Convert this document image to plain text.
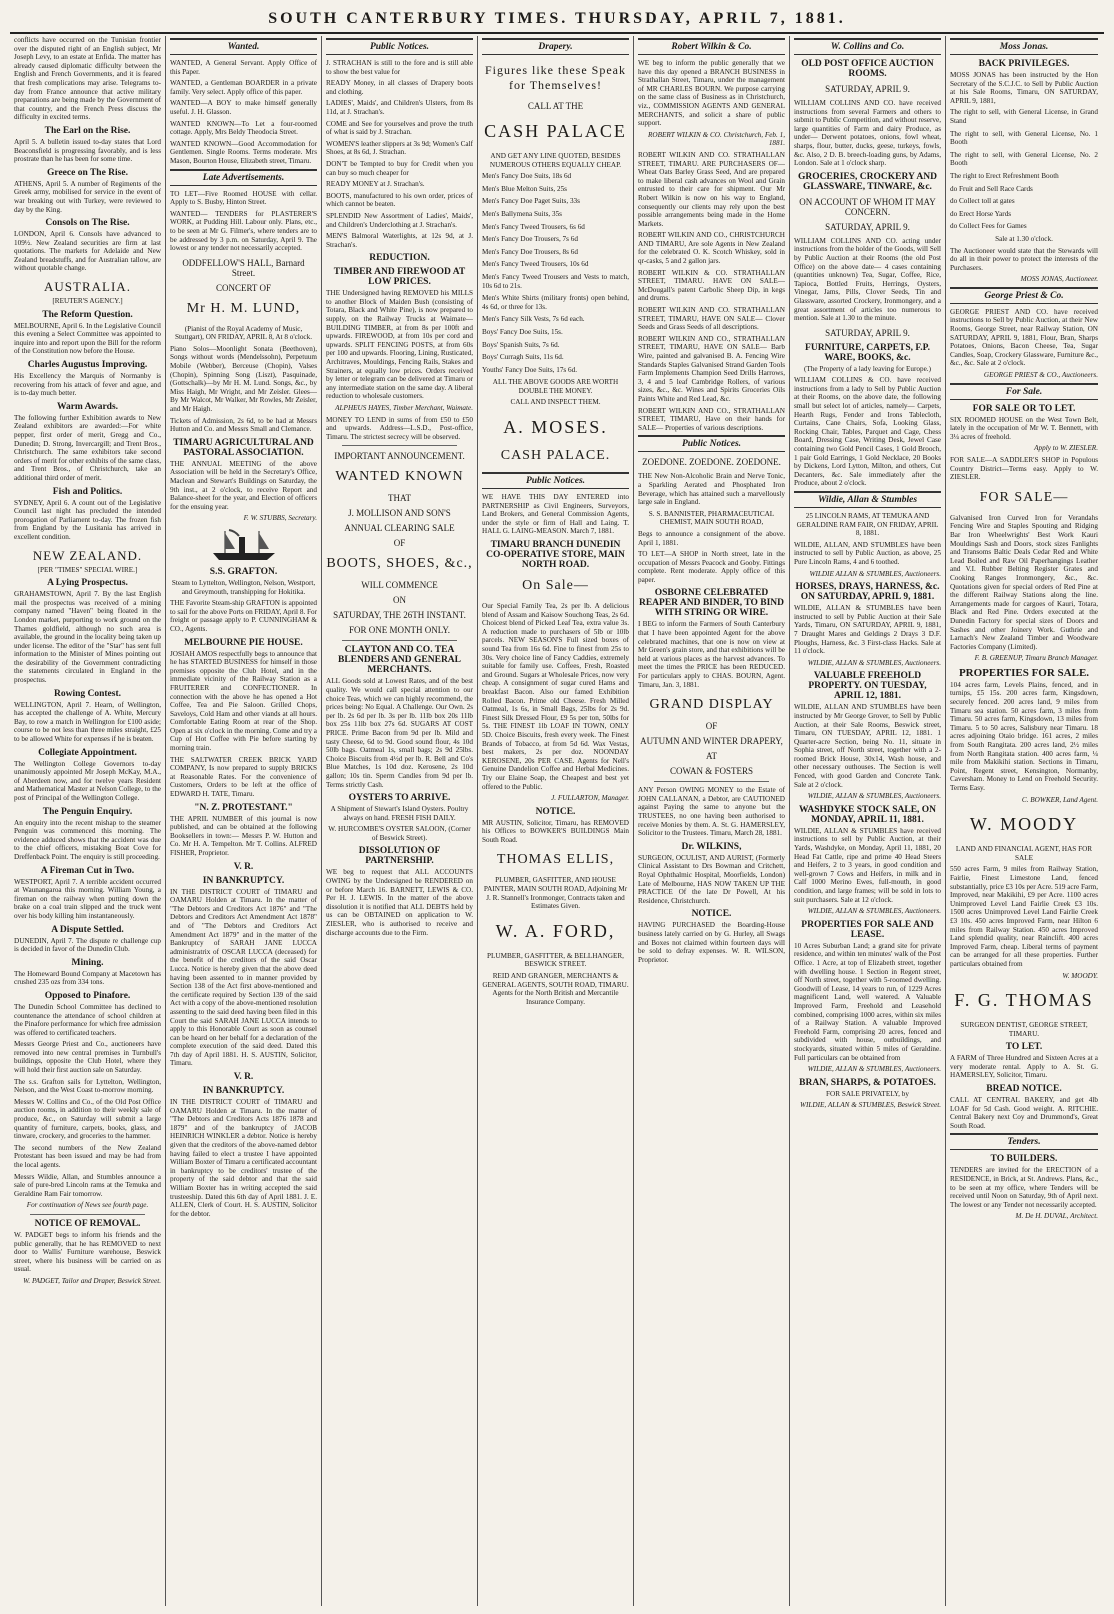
SOUTH CANTERBURY TIMES. THURSDAY, APRIL 7, 1881.

conflicts have occurred on the Tunisian frontier over the disputed right of an English subject, Mr Joseph Levy, to an estate at Enfida. The matter has already caused diplomatic difficulty between the English and French Governments, and it is feared that fresh complications may arise. Telegrams to-day from France announce that active military preparations are being made by the Government of that country, and the French Press discuss the difficulty in excited terms.

The Earl on the Rise.

April 5. A bulletin issued to-day states that Lord Beaconsfield is progressing favorably, and is less prostrate than he has been for some time.

Greece on The Rise.

ATHENS, April 5. A number of Regiments of the Greek army, mobilised for service in the event of war breaking out with Turkey, were reviewed to day by the King.

Consols on The Rise.

LONDON, April 6. Consols have advanced to 109½. New Zealand securities are firm at last quotations. The markets for Adelaide and New Zealand breadstuffs, and for Australian tallow, are without quotable change.

AUSTRALIA.

[REUTER'S AGENCY.]

The Reform Question.

MELBOURNE, April 6. In the Legislative Council this evening a Select Committee was appointed to inquire into and report upon the Bill for the reform of the Constitution now before the House.

Charles Augustus Improving.

His Excellency the Marquis of Normanby is recovering from his attack of fever and ague, and is to-day much better.

Warm Awards.

The following further Exhibition awards to New Zealand exhibitors are awarded:—For white pepper, first order of merit, Gregg and Co., Dunedin; D. Strong, Invercargill; and Trent Bros., Christchurch. The same exhibitors take second orders of merit for other exhibits of the same class, and Trent Bros., of Christchurch, take an additional third order of merit.

Fish and Politics.

SYDNEY, April 6. A count out of the Legislative Council last night has precluded the intended prorogation of Parliament to-day. The frozen fish from England by the Lusitania has arrived in excellent condition.

NEW ZEALAND.

[PER "TIMES" SPECIAL WIRE.]

A Lying Prospectus.

GRAHAMSTOWN, April 7. By the last English mail the prospectus was received of a mining company named "Haven" being floated in the London market, purporting to work ground on the Thames goldfield, although no such area is available, the ground in the locality being taken up under license. The editor of the "Star" has sent full information to the Minister of Mines pointing out the desirability of the Government contradicting the statements circulated in England in the prospectus.

Rowing Contest.

WELLINGTON, April 7. Hearn, of Wellington, has accepted the challenge of A. White, Mercury Bay, to row a match in Wellington for £100 aside; course to be not less than three miles straight, £25 to be allowed White for expenses if he is beaten.

Collegiate Appointment.

The Wellington College Governors to-day unanimously appointed Mr Joseph McKay, M.A., of Aberdeen now, and for twelve years Resident and Mathematical Master at Nelson College, to the post of Principal of the Wellington College.

The Penguin Enquiry.

An enquiry into the recent mishap to the steamer Penguin was commenced this morning. The evidence adduced shows that the accident was due to the chief officers, mistaking Boat Cove for Dreffenback Point. The enquiry is still proceeding.

A Fireman Cut in Two.

WESTPORT, April 7. A terrible accident occurred at Waunangaroa this morning. William Young, a fireman on the railway when putting down the brake on a coal train slipped and the truck went over his body killing him instantaneously.

A Dispute Settled.

DUNEDIN, April 7. The dispute re challenge cup is decided in favor of the Dunedin Club.

Mining.

The Homeward Bound Company at Macetown has crushed 235 ozs from 334 tons.

Opposed to Pinafore.

The Dunedin School Committee has declined to countenance the attendance of school children at the Pinafore performance for which free admission was offered to certificated teachers.

Messrs George Priest and Co., auctioneers have removed into new central premises in Turnbull's buildings, opposite the Club Hotel, where they will hold their first auction sale on Saturday.

The s.s. Grafton sails for Lyttelton, Wellington, Nelson, and the West Coast to-morrow morning.

Messrs W. Collins and Co., of the Old Post Office auction rooms, in addition to their weekly sale of produce, &c., on Saturday will submit a large quantity of furniture, carpets, books, glass, and tinware, crockery, and groceries to the hammer.

The second numbers of the New Zealand Protestant has been issued and may be had from the local agents.

Messrs Wildie, Allan, and Stumbles announce a sale of pure-bred Lincoln rams at the Temuka and Geraldine Ram Fair tomorrow.

For continuation of News see fourth page.

NOTICE OF REMOVAL.

W. PADGET begs to inform his friends and the public generally, that he has REMOVED to next door to Wallis' Furniture warehouse, Beswick street, where his business will be carried on as usual.

W. PADGET, Tailor and Draper, Beswick Street.

Wanted.

WANTED, A General Servant. Apply Office of this Paper.

WANTED, a Gentleman BOARDER in a private family. Very select. Apply office of this paper.

WANTED—A BOY to make himself generally useful. J. H. Glasson.

WANTED KNOWN—To Let a four-roomed cottage. Apply, Mrs Beldy Theodocia Street.

WANTED KNOWN—Good Accommodation for Gentlemen. Single Rooms. Terms moderate. Mrs Mason, Bourton House, Elizabeth street, Timaru.

Late Advertisements.

TO LET—Five Roomed HOUSE with cellar. Apply to S. Busby, Hinton Street.

WANTED— TENDERS for PLASTERER'S WORK, at Pudding Hill. Labour only. Plans, etc., to be seen at Mr G. Filmer's, where tenders are to be addressed by 3 p.m. on Saturday, April 9. The lowest or any tender not necessarily accepted.

ODDFELLOW'S HALL, Barnard Street.
CONCERT OF
Mr H. M. LUND,

(Pianist of the Royal Academy of Music, Stuttgart), ON FRIDAY, APRIL 8, At 8 o'clock.

Piano Solos—Moonlight Sonata (Beethoven), Songs without words (Mendelssohn), Perpetuum Mobile (Webber), Berceuse (Chopin), Valses (Chopin), Spinning Song (Liszt), Pasquinade, (Gottschalk)—by Mr H. M. Lund. Songs, &c., by Miss Haigh, Mr Wright, and Mr Zeisler. Glees—By Mr Walcot, Mr Walker, Mr Rowles, Mr Zeisler, and Mr Haigh.

Tickets of Admission, 2s 6d, to be had at Messrs Hutton and Co. and Messrs Small and Clemance.

TIMARU AGRICULTURAL AND PASTORAL ASSOCIATION.

THE ANNUAL MEETING of the above Association will be held in the Secretary's Office, Maclean and Stewart's Buildings on Saturday, the 9th inst., at 2 o'clock, to receive Report and Balance-sheet for the year, and Election of officers for the ensuing year.

F. W. STUBBS, Secretary.

S.S. GRAFTON.

Steam to Lyttelton, Wellington, Nelson, Westport, and Greymouth, transhipping for Hokitika.

THE Favorite Steam-ship GRAFTON is appointed to sail for the above Ports on FRIDAY, April 8. For freight or passage apply to P. CUNNINGHAM & CO., Agents.

MELBOURNE PIE HOUSE.

JOSIAH AMOS respectfully begs to announce that he has STARTED BUSINESS for himself in those premises opposite the Club Hotel, and in the immediate vicinity of the Railway Station as a FRUITERER and CONFECTIONER. In connection with the above he has opened a Hot Coffee, Tea and Pie Saloon. Grilled Chops, Saveloys, Cold Ham and other viands at all hours. Comfortable Eating Room at rear of the Shop. Open at six o'clock in the morning. Come and try a Cup of Hot Coffee with Pie before starting by morning train.

THE SALTWATER CREEK BRICK YARD COMPANY, Is now prepared to supply BRICKS at Reasonable Rates. For the convenience of Customers, Orders to be left at the office of EDWARD H. TATE, Timaru.

"N. Z. PROTESTANT."

THE APRIL NUMBER of this journal is now published, and can be obtained at the following Booksellers in town:— Messrs P. W. Hutton and Co. Mr H. A. Tempelton. Mr T. Collins. ALFRED FISHER, Proprietor.

V. R.
IN BANKRUPTCY.

IN THE DISTRICT COURT of TIMARU and OAMARU Holden at Timaru. In the matter of "The Debtors and Creditors Act 1876" and "The Debtors and Creditors Act Amendment Act 1878" and of "The Debtors and Creditors Act Amendment Act 1879" and in the matter of the Bankruptcy of SARAH JANE LUCCA administratrix of OSCAR LUCCA (deceased) for the benefit of the creditors of the said Oscar Lucca. Notice is hereby given that the above deed having been assented to in manner provided by Section 138 of the Act first above-mentioned and the certificate required by Section 139 of the said Act with a copy of the above-mentioned resolution assenting to the said deed having been filed in this Court the said SARAH JANE LUCCA intends to apply to this Honorable Court as soon as counsel can be heard on her behalf for a declaration of the complete execution of the said deed. Dated this 7th day of April 1881. H. S. AUSTIN, Solicitor, Timaru.

V. R.
IN BANKRUPTCY.

IN THE DISTRICT COURT of TIMARU and OAMARU Holden at Timaru. In the matter of "The Debtors and Creditors Acts 1876 1878 and 1879" and of the bankruptcy of JACOB HEINRICH WINKLER a debtor. Notice is hereby given that the creditors of the above-named debtor having failed to elect a trustee I have appointed William Boxter of Timaru a certificated accountant in bankruptcy to be creditors' trustee of the property of the said debtor and that the said William Boxter has in writing accepted the said trusteeship. Dated this 6th day of April 1881. J. E. ALLEN, Clerk of Court. H. S. AUSTIN, Solicitor for the debtor.

Public Notices.

J. STRACHAN is still to the fore and is still able to show the best value for

READY Money, in all classes of Drapery boots and clothing.

LADIES', Maids', and Children's Ulsters, from 8s 11d, at J. Strachan's.

COME and See for yourselves and prove the truth of what is said by J. Strachan.

WOMEN'S leather slippers at 3s 9d; Women's Calf Shoes, at 8s 6d, J. Strachan.

DON'T be Tempted to buy for Credit when you can buy so much cheaper for

READY MONEY at J. Strachan's.

BOOTS, manufactured to his own order, prices of which cannot be beaten.

SPLENDID New Assortment of Ladies', Maids', and Children's Underclothing at J. Strachan's.

MEN'S Balmoral Waterlights, at 12s 9d, at J. Strachan's.

REDUCTION.
TIMBER AND FIREWOOD AT LOW PRICES.

THE Undersigned having REMOVED his MILLS to another Block of Maiden Bush (consisting of Totara, Black and White Pine), is now prepared to supply, on the Railway Trucks at Waimate— BUILDING TIMBER, at from 8s per 100ft and upwards. FIREWOOD, at from 10s per cord and upwards. SPLIT FENCING POSTS, at from 60s per 100 and upwards. Flooring, Lining, Rusticated, Architraves, Mouldings, Fencing Rails, Stakes and Strainers, at equally low prices. Orders received by letter or telegram can be delivered at Timaru or any intermediate station on the same day. A liberal reduction to wholesale customers.

ALPHEUS HAYES, Timber Merchant, Waimate.

MONEY TO LEND in sums of from £50 to £50 and upwards. Address—L.S.D., Post-office, Timaru. The strictest secrecy will be observed.

IMPORTANT ANNOUNCEMENT.
WANTED KNOWN
THAT
J. MOLLISON AND SON'S
ANNUAL CLEARING SALE
OF
BOOTS, SHOES, &c.,
WILL COMMENCE
ON
SATURDAY, THE 26TH INSTANT.
FOR ONE MONTH ONLY.
CLAYTON AND CO. TEA BLENDERS AND GENERAL MERCHANTS.

ALL Goods sold at Lowest Rates, and of the best quality. We would call special attention to our choice Teas, which we can highly recommend, the prices being: No Equal. A Challenge. Our Own. 2s per lb. 2s 6d per lb. 3s per lb. 11lb box 20s 11lb box 25s 11lb box 27s 6d. SUGARS AT COST PRICE. Prime Bacon from 9d per lb. Mild and tasty Cheese, 6d to 9d. Good sound flour, 4s 10d 50lb bags. Oatmeal 1s, small bags; 2s 9d 25lbs. Choice Biscuits from 4½d per lb. R. Bell and Co's Blue Matches, 1s 10d doz. Kerosene, 2s 10d gallon; 10s tin. Sperm Candles from 9d per lb. Terms strictly Cash.

OYSTERS TO ARRIVE.

A Shipment of Stewart's Island Oysters. Poultry always on hand. FRESH FISH DAILY.

W. HURCOMBE'S OYSTER SALOON, (Corner of Beswick Street).

DISSOLUTION OF PARTNERSHIP.

WE beg to request that ALL ACCOUNTS OWING by the Undersigned be RENDERED on or before March 16. BARNETT, LEWIS & CO. Per H. J. LEWIS. In the matter of the above dissolution it is notified that ALL DEBTS held by us can be OBTAINED on application to W. ZIESLER, who is authorised to receive and discharge accounts due to the Firm.

Drapery.
Figures like these Speak for Themselves!
CALL AT THE
CASH PALACE

AND GET ANY LINE QUOTED, BESIDES NUMEROUS OTHERS EQUALLY CHEAP.

Men's Fancy Doe Suits, 18s 6d

Men's Blue Melton Suits, 25s

Men's Fancy Doe Paget Suits, 33s

Men's Ballymena Suits, 35s

Men's Fancy Tweed Trousers, 6s 6d

Men's Fancy Doe Trousers, 7s 6d

Men's Fancy Doe Trousers, 8s 6d

Men's Fancy Tweed Trousers, 10s 6d

Men's Fancy Tweed Trousers and Vests to match, 10s 6d to 21s.

Men's White Shirts (military fronts) open behind, 4s 6d, or three for 13s.

Men's Fancy Silk Vests, 7s 6d each.

Boys' Fancy Doe Suits, 15s.

Boys' Spanish Suits, 7s 6d.

Boys' Curragh Suits, 11s 6d.

Youths' Fancy Doe Suits, 17s 6d.

ALL THE ABOVE GOODS ARE WORTH DOUBLE THE MONEY.

CALL AND INSPECT THEM.

A. MOSES.
CASH PALACE.
Public Notices.

WE HAVE THIS DAY ENTERED into PARTNERSHIP as Civil Engineers, Surveyors, Land Brokers, and General Commission Agents, under the style or firm of Hall and Laing. T. HALL G. LAING-MEASON. March 7, 1881.

TIMARU BRANCH DUNEDIN CO-OPERATIVE STORE, MAIN NORTH ROAD.
On Sale—

Our Special Family Tea, 2s per lb. A delicious blend of Assam and Kaisow Souchong Teas, 2s 6d. Choicest blend of Picked Leaf Tea, extra value 3s. A reduction made to purchasers of 5lb or 10lb parcels. NEW SEASON'S Full sized boxes of sound Tea from 16s 6d. Fine to finest from 25s to 30s. Very choice line of Fancy Caddies, extremely suitable for family use. Coffees, Fresh, Roasted and Ground. Sugars at Wholesale Prices, now very cheap. A consignment of sugar cured Hams and breakfast Bacon. Also our famed Exhibition Rolled Bacon. Prime old Cheese. Fresh Milled Oatmeal, 1s 6s, in Small Bags, 25lbs for 2s 9d. Finest Silk Dressed Flour, £9 5s per ton, 50lbs for 5s. THE FINEST 1lb LOAF IN TOWN, ONLY 5D. Choice Biscuits, fresh every week. The Finest Brands of Tobacco, at from 5d 6d. Wax Vestas, best makers, 2s per doz. NOONDAY KEROSENE, 20s PER CASE. Agents for Nell's Genuine Dandelion Coffee and Herbal Medicines. Try our Elaine Soap, the Cheapest and best yet offered to the Public.

J. FULLARTON, Manager.

NOTICE.

MR AUSTIN, Solicitor, Timaru, has REMOVED his Offices to BOWKER'S BUILDINGS Main South Road.

THOMAS ELLIS,

PLUMBER, GASFITTER, AND HOUSE PAINTER, MAIN SOUTH ROAD, Adjoining Mr J. R. Stannell's Ironmonger, Contracts taken and Estimates Given.

W. A. FORD,

PLUMBER, GASFITTER, & BELLHANGER, BESWICK STREET.

REID AND GRANGER, MERCHANTS & GENERAL AGENTS, SOUTH ROAD, TIMARU. Agents for the North British and Mercantile Insurance Company.

Robert Wilkin & Co.

WE beg to inform the public generally that we have this day opened a BRANCH BUSINESS in Strathallan Street, Timaru, under the management of MR CHARLES BOURN. We purpose carrying on the same class of Business as in Christchurch, viz., COMMISSION AGENTS AND GENERAL MERCHANTS, and solicit a share of public support.

ROBERT WILKIN & CO. Christchurch, Feb. 1, 1881.

ROBERT WILKIN AND CO. STRATHALLAN STREET, TIMARU. ARE PURCHASERS OF— Wheat Oats Barley Grass Seed, And are prepared to make liberal cash advances on Wool and Grain entrusted to their care for shipment. Our Mr Robert Wilkin is now on his way to England, consequently our clients may rely upon the best possible arrangements being made in the Home Markets.

ROBERT WILKIN AND CO., CHRISTCHURCH AND TIMARU, Are sole Agents in New Zealand for the celebrated O. K. Scotch Whiskey, sold in qr-casks, 5 and 2 gallon jars.

ROBERT WILKIN & CO. STRATHALLAN STREET, TIMARU. HAVE ON SALE— McDougall's patent Carbolic Sheep Dip, in kegs and drums.

ROBERT WILKIN AND CO. STRATHALLAN STREET, TIMARU, HAVE ON SALE— Clover Seeds and Grass Seeds of all descriptions.

ROBERT WILKIN AND CO., STRATHALLAN STREET, TIMARU, HAVE ON SALE— Barb Wire, painted and galvanised B. A. Fencing Wire Standards Staples Galvanised Strand Garden Tools Farm Implements Champion Seed Drills Harrows, 3, 4 and 5 leaf Cambridge Rollers, of various sizes, &c., &c. Wines and Spirits Groceries Oils Paints White and Red Lead, &c.

ROBERT WILKIN AND CO., STRATHALLAN STREET, TIMARU, Have on their hands for SALE— Properties of various descriptions.

Public Notices.
ZOEDONE. ZOEDONE. ZOEDONE.

THE New Non-Alcoholic Brain and Nerve Tonic, a Sparkling Aerated and Phosphated Iron Beverage, which has attained such a marvellously large sale in England.

S. S. BANNISTER, PHARMACEUTICAL CHEMIST, MAIN SOUTH ROAD,

Begs to announce a consignment of the above. April 1, 1881.

TO LET—A SHOP in North street, late in the occupation of Messrs Peacock and Gooby. Fittings complete. Rent moderate. Apply office of this paper.

OSBORNE CELEBRATED REAPER AND BINDER, TO BIND WITH STRING OR WIRE.

I BEG to inform the Farmers of South Canterbury that I have been appointed Agent for the above celebrated machines, that one is now on view at Mr Green's grain store, and that exhibitions will be held at various places as the harvest advances. To meet the times the PRICE has been REDUCED. For particulars apply to CHAS. BOURN, Agent. Timaru, Jan. 3, 1881.

GRAND DISPLAY
OF
AUTUMN AND WINTER DRAPERY,
AT
COWAN & FOSTERS

ANY Person OWING MONEY to the Estate of JOHN CALLANAN, a Debtor, are CAUTIONED against Paying the same to anyone but the TRUSTEES, no one having been authorised to receive Monies by them. A. St. G. HAMERSLEY, Solicitor to the Trustees. Timaru, March 28, 1881.

Dr. WILKINS,

SURGEON, OCULIST, AND AURIST, (Formerly Clinical Assistant to Drs Bowman and Critchett, Royal Ophthalmic Hospital, Moorfields, London) Late of Melbourne, HAS NOW TAKEN UP THE PRACTICE Of the late Dr Powell, At his Residence, Christchurch.

NOTICE.

HAVING PURCHASED the Boarding-House business lately carried on by G. Hurley, all Swags and Boxes not claimed within fourteen days will be sold to defray expenses. W. R. WILSON, Proprietor.

W. Collins and Co.
OLD POST OFFICE AUCTION ROOMS.
SATURDAY, APRIL 9.

WILLIAM COLLINS AND CO. have received instructions from several Farmers and others to submit to Public Competition, and without reserve, large quantities of Farm and dairy Produce, as under— Derwent potatoes, onions, fowl wheat, sharps, flour, butter, ducks, geese, turkeys, fowls, &c. Also, 2 D. B. breech-loading guns, by Adams, London. Sale at 1 o'clock sharp.

GROCERIES, CROCKERY AND GLASSWARE, TINWARE, &c.
ON ACCOUNT OF WHOM IT MAY CONCERN.
SATURDAY, APRIL 9.

WILLIAM COLLINS AND CO. acting under instructions from the holder of the Goods, will Sell by Public Auction at their Rooms (the old Post Office) on the above date— 4 cases containing (quantities unknown) Tea, Sugar, Coffee, Rice, Tapioca, Bottled Fruits, Herrings, Oysters, Vinegar, Jams, Pills, Clover Seeds, Tin and Glassware, assorted Crockery, Ironmongery, and a great assortment of articles too numerous to mention. Sale at 1.30 to the minute.

SATURDAY, APRIL 9.
FURNITURE, CARPETS, F.P. WARE, BOOKS, &c.

(The Property of a lady leaving for Europe.)

WILLIAM COLLINS & CO. have received instructions from a lady to Sell by Public Auction at their Rooms, on the above date, the following small but select lot of articles, namely— Carpets, Hearth Rugs, Fender and Irons Tablecloth, Curtains, Cane Chairs, Sofa, Looking Glass, Rocking Chair, Tables, Parquet and Cage, Chess Board, Dressing Case, Writing Desk, Jewel Case containing two Gold Pencil Cases, 1 Gold Brooch, 1 pair Gold Earrings, 1 Gold Necklace, 20 Books by Dickens, Lord Lytton, Milton, and others, Cut Decanters, &c. Sale immediately after the Produce, about 2 o'clock.

Wildie, Allan & Stumbles

25 LINCOLN RAMS, AT TEMUKA AND GERALDINE RAM FAIR, ON FRIDAY, APRIL 8, 1881.

WILDIE, ALLAN, AND STUMBLES have been instructed to sell by Public Auction, as above, 25 Pure Lincoln Rams, 4 and 6 toothed.

WILDIE ALLAN & STUMBLES, Auctioneers.

HORSES, DRAYS, HARNESS, &c. ON SATURDAY, APRIL 9, 1881.

WILDIE, ALLAN & STUMBLES have been instructed to sell by Public Auction at their Sale Yards, Timaru, ON SATURDAY, APRIL 9, 1881, 7 Draught Mares and Geldings 2 Drays 3 D.F. Ploughs, Harness, &c. 3 First-class Hacks. Sale at 11 o'clock.

WILDIE, ALLAN & STUMBLES, Auctioneers.

VALUABLE FREEHOLD PROPERTY. ON TUESDAY, APRIL 12, 1881.

WILDIE, ALLAN AND STUMBLES have been instructed by Mr George Grover, to Sell by Public Auction, at their Sale Rooms, Beswick street, Timaru, ON TUESDAY, APRIL 12, 1881. 1 Quarter-acre Section, being No. 11, situate in Sophia street, off North street, together with a 2-roomed Brick House, 30x14, Wash house, and other necessary outhouses. The Section is well Fenced, with good Garden and Concrete Tank. Sale at 2 o'clock.

WILDIE, ALLAN & STUMBLES, Auctioneers.

WASHDYKE STOCK SALE, ON MONDAY, APRIL 11, 1881.

WILDIE, ALLAN & STUMBLES have received instructions to sell by Public Auction, at their Yards, Washdyke, on Monday, April 11, 1881, 20 Head Fat Cattle, ripe and prime 40 Head Steers and Heifers, 2 to 3 years, in good condition and well-grown 7 Cows and Heifers, in milk and in Calf 1000 Merino Ewes, full-mouth, in good condition, and large frames; will be sold in lots to suit purchasers. Sale at 12 o'clock.

WILDIE, ALLAN & STUMBLES, Auctioneers.

PROPERTIES FOR SALE AND LEASE.

10 Acres Suburban Land; a grand site for private residence, and within ten minutes' walk of the Post Office. 1 Acre, at top of Elizabeth street, together with dwelling house. 1 Section in Regent street, off North street, together with 5-roomed dwelling. Goodwill of Lease, 14 years to run, of 1229 Acres magnificent Land, well watered. A Valuable Improved Farm, Freehold and Leasehold combined, comprising 1000 acres, within six miles of a Railway Station. A valuable Improved Freehold Farm, comprising 20 acres, fenced and subdivided with house, outbuildings, and stockyards, situated within 5 miles of Geraldine. Full particulars can be obtained from

WILDIE, ALLAN & STUMBLES, Auctioneers.

BRAN, SHARPS, & POTATOES.

FOR SALE PRIVATELY, by

WILDIE, ALLAN & STUMBLES, Beswick Street.

Moss Jonas.
BACK PRIVILEGES.

MOSS JONAS has been instructed by the Hon Secretary of the S.C.J.C. to Sell by Public Auction at his Sale Rooms, Timaru, ON SATURDAY, APRIL 9, 1881,

The right to sell, with General License, in Grand Stand

The right to sell, with General License, No. 1 Booth

The right to sell, with General License, No. 2 Booth

The right to Erect Refreshment Booth

do Fruit and Sell Race Cards

do Collect toll at gates

do Erect Horse Yards

do Collect Fees for Games

Sale at 1.30 o'clock.

The Auctioneer would state that the Stewards will do all in their power to protect the interests of the Purchasers.

MOSS JONAS, Auctioneer.

George Priest & Co.

GEORGE PRIEST AND CO. have received instructions to Sell by Public Auction, at their New Rooms, George Street, near Railway Station, ON SATURDAY, APRIL 9, 1881, Flour, Bran, Sharps Potatoes, Onions, Bacon Cheese, Tea, Sugar Candles, Soap, Crockery Glassware, Furniture &c., &c., &c. Sale at 2 o'clock.

GEORGE PRIEST & CO., Auctioneers.

For Sale.
FOR SALE OR TO LET.

SIX ROOMED HOUSE on the West Town Belt, lately in the occupation of Mr W. T. Bennett, with 3¼ acres of freehold.

Apply to W. ZIESLER.

FOR SALE—A SADDLER'S SHOP in Populous Country District—Terms easy. Apply to W. ZIESLER.

FOR SALE—

Galvanised Iron Curved Iron for Verandahs Fencing Wire and Staples Spouting and Ridging Bar Iron Wheelwrights' Best Work Kauri Mouldings Sash and Doors, stock sizes Fanlights and Transoms Baltic Deals Cedar Red and White Lead Boiled and Raw Oil Paperhangings Leather and V.I. Rubber Belting Register Grates and Cooking Ranges Ironmongery, &c., &c. Quotations given for special orders of Red Pine at the different Railway Stations along the line. Arrangements made for cargoes of Kauri, Totara, Black and Red Pine. Orders executed at the Dunedin Factory for special sizes of Doors and Sashes and other Joinery Work. Guthrie and Larnach's New Zealand Timber and Woodware Factories Company (Limited).

F. B. GREENUP, Timaru Branch Manager.

PROPERTIES FOR SALE.

104 acres farm, Levels Plains, fenced, and in turnips, £5 15s. 200 acres farm, Kingsdown, securely fenced. 200 acres land, 9 miles from Timaru sea station. 50 acres farm, 3 miles from Timaru. 50 acres farm, Kingsdown, 13 miles from Timaru. 5 to 50 acres, Salisbury near Timaru. 18 acres adjoining Otaio bridge. 161 acres, 2 miles from South Rangitata. 200 acres land, 2½ miles from North Rangitata station. 400 acres farm, ¼ mile from Makikihi station. Sections in Timaru, Point, Regent street, Kensington, Normanby, Caversham. Money to Lend on Freehold Security. Terms Easy.

C. BOWKER, Land Agent.

W. MOODY

LAND AND FINANCIAL AGENT, HAS FOR SALE

550 acres Farm, 9 miles from Railway Station, Fairlie, Finest Limestone Land, fenced substantially, price £3 10s per Acre. 519 acre Farm, Improved, near Makikihi, £9 per Acre. 1100 acres Unimproved Level Land Fairlie Creek £3 10s. 1500 acres Unimproved Level Land Fairlie Creek £3 10s. 450 acres Improved Farm, near Hilton 6 miles from Railway Station. 450 acres Improved Land splendid quality, near Rainclift. 400 acres Improved Farm, cheap. Liberal terms of payment can be arranged for all these properties. Further particulars obtained from

W. MOODY.

F. G. THOMAS

SURGEON DENTIST, GEORGE STREET, TIMARU.

TO LET.

A FARM of Three Hundred and Sixteen Acres at a very moderate rental. Apply to A. St. G. HAMERSLEY, Solicitor, Timaru.

BREAD NOTICE.

CALL AT CENTRAL BAKERY, and get 4lb LOAF for 5d Cash. Good weight. A. RITCHIE. Central Bakery next Coy and Drummond's, Great South Road.

Tenders.
TO BUILDERS.

TENDERS are invited for the ERECTION of a RESIDENCE, in Brick, at St. Andrews. Plans, &c., to be seen at my office, where Tenders will be received until Noon on Saturday, 9th of April next. The lowest or any Tender not necessarily accepted.

M. De H. DUVAL, Architect.
